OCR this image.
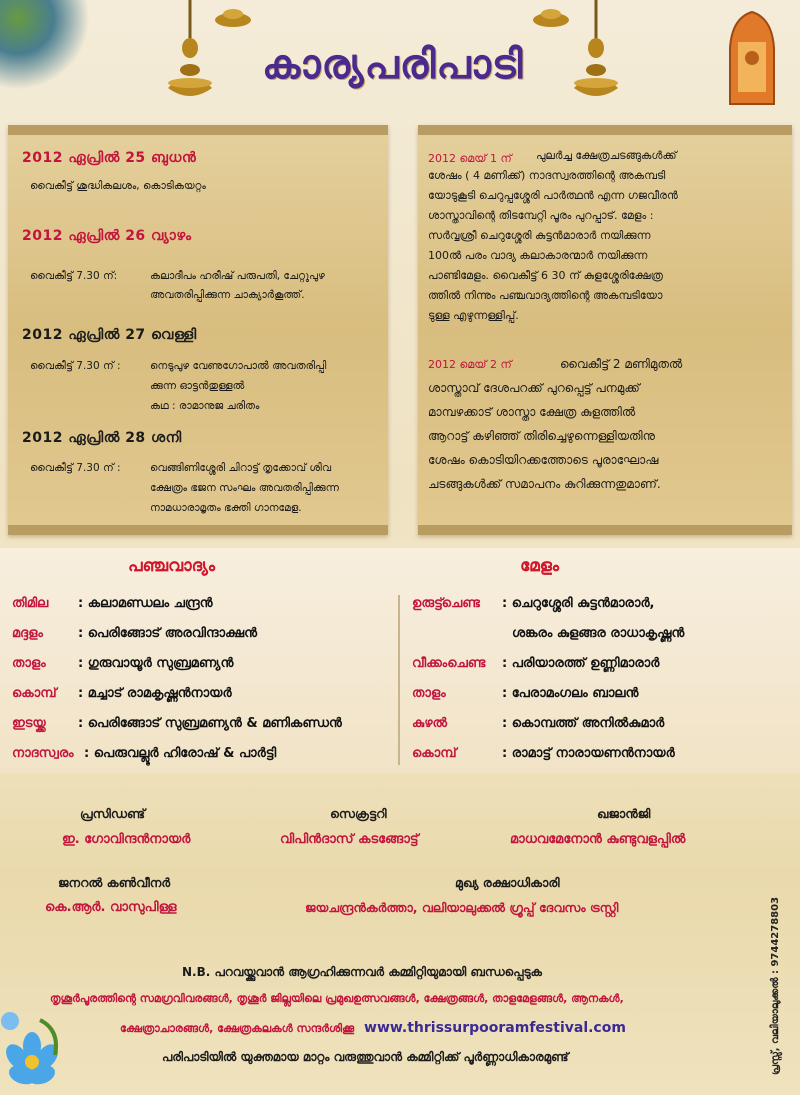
കാര്യപരിപാടി
2012 ഏപ്രിൽ 25 ബുധൻ
വൈകീട്ട് ശുദ്ധികലശം, കൊടികയറ്റം
2012 ഏപ്രിൽ 26 വ്യാഴം
വൈകീട്ട് 7.30 ന്:	കലാദീപം ഹരീഷ് പരുപതി, ചേറ്റുപുഴ
അവതരിപ്പിക്കുന്ന ചാക്യാർകൂത്ത്.
2012 ഏപ്രിൽ 27 വെള്ളി
വൈകീട്ട് 7.30 ന് :	നെടുപുഴ വേണുഗോപാൽ അവതരിപ്പി
ക്കുന്ന ഓട്ടൻതുള്ളൽ
കഥ : രാമാനുജ ചരിതം
2012 ഏപ്രിൽ 28 ശനി
വൈകീട്ട് 7.30 ന് :	വെങ്ങിണിശ്ശേരി ചിറാട്ട് തൃക്കോവ് ശിവ
ക്ഷേത്രം ഭജന സംഘം അവതരിപ്പിക്കുന്ന
നാമധാരാമൃതം ഭക്തി ഗാനമേള.
2012 മെയ് 1 ന്	പുലർച്ച ക്ഷേത്രചടങ്ങുകൾക്ക്
ശേഷം ( 4 മണിക്ക്) നാദസ്വരത്തിന്റെ അകമ്പടി
യോടുകൂടി ചെറുപ്പശ്ശേരി പാർത്ഥൻ എന്ന ഗജവീരൻ
ശാസ്താവിന്റെ തിടമ്പേറ്റി പൂരം പുറപ്പാട്. മേളം :
സർവ്വശ്രീ ചെറുശ്ശേരി കുട്ടൻമാരാർ നയിക്കുന്ന
100ൽ പരം വാദ്യ കലാകാരന്മാർ നയിക്കുന്ന
പാണ്ടിമേളം. വൈകീട്ട് 6 30 ന് കുളശ്ശേരിക്ഷേത്ര
ത്തിൽ നിന്നും പഞ്ചവാദ്യത്തിന്റെ അകമ്പടിയോ
ടുള്ള എഴുന്നള്ളിപ്പ്.
2012 മെയ് 2 ന്	വൈകീട്ട് 2 മണിമുതൽ
ശാസ്താവ് ദേശപറക്ക് പുറപ്പെട്ട് പനമുക്ക്
മാമ്പഴക്കാട് ശാസ്താ ക്ഷേത്ര കുളത്തിൽ
ആറാട്ട് കഴിഞ്ഞ് തിരിച്ചെഴുന്നെള്ളിയതിനു
ശേഷം കൊടിയിറക്കത്തോടെ പൂരാഘോഷ
ചടങ്ങുകൾക്ക് സമാപനം കുറിക്കുന്നതുമാണ്.
പഞ്ചവാദ്യം	മേളം
തിമില : കലാമണ്ഡലം ചന്ദ്രൻ
മദ്ദളം	: പെരിങ്ങോട് അരവിന്ദാക്ഷൻ
താളം : ഗുരുവായൂർ സുബ്രമണ്യൻ
കൊമ്പ് : മച്ചാട് രാമകൃഷ്ണൻനായർ
ഇടയ്ക്ക : പെരിങ്ങോട് സുബ്രമണ്യൻ & മണികണ്ഡൻ
നാദസ്വരം : പെരുവല്ലൂർ ഹിരോഷ് & പാർട്ടി
ഉരുട്ട്ചെണ്ട : ചെറുശ്ശേരി കുട്ടൻമാരാർ,
ശങ്കരം കുളങ്ങര രാധാകൃഷ്ണൻ
വീക്കംചെണ്ട : പരിയാരത്ത് ഉണ്ണിമാരാർ
താളം	: പേരാമംഗലം ബാലൻ
കുഴൽ	: കൊമ്പത്ത് അനിൽകുമാർ
കൊമ്പ്	: രാമാട്ട് നാരായണൻനായർ
പ്രസിഡണ്ട്
ഇ. ഗോവിന്ദൻനായർ
സെക്രട്ടറി
വിപിൻദാസ് കടങ്ങോട്ട്
ഖജാൻജി
മാധവമേനോൻ കുണ്ടുവളപ്പിൽ
ജനറൽ കൺവീനർ
കെ.ആർ. വാസുപിള്ള
മുഖ്യ രക്ഷാധികാരി
ജയചന്ദ്രൻകർത്താ, വലിയാലുക്കൽ ഗ്രൂപ്പ് ദേവസം ട്രസ്റ്റി
N.B. പറവയ്ക്കുവാൻ ആഗ്രഹിക്കുന്നവർ കമ്മിറ്റിയുമായി ബന്ധപ്പെടുക
തൃശൂർപൂരത്തിന്റെ സമഗ്രവിവരങ്ങൾ, തൃശൂർ ജില്ലയിലെ പ്രമുഖഉത്സവങ്ങൾ, ക്ഷേത്രങ്ങൾ, താളമേളങ്ങൾ, ആനകൾ,
ക്ഷേത്രാചാരങ്ങൾ, ക്ഷേത്രകലകൾ സന്ദർശിക്കൂ www.thrissurpooramfestival.com
പരിപാടിയിൽ യുക്തമായ മാറ്റം വരുത്തുവാൻ കമ്മിറ്റിക്ക് പൂർണ്ണാധികാരമുണ്ട്	പ്രസ്സ്, വലിയാലുക്കൽ : 9744278803
